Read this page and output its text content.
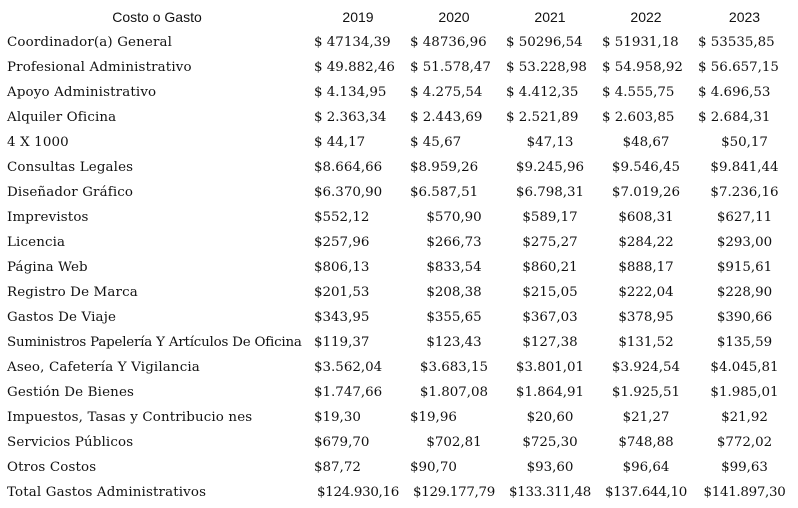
Costo o Gasto	2019	2020	2021	2022	2023
Coordinador(a) General	$ 47134,39	$ 48736,96	$ 50296,54	$ 51931,18	$ 53535,85
Profesional Administrativo	$ 49.882,46	$ 51.578,47	$ 53.228,98	$ 54.958,92	$ 56.657,15
Apoyo Administrativo	$ 4.134,95	$ 4.275,54	$ 4.412,35	$ 4.555,75	$ 4.696,53
Alquiler Oficina	$ 2.363,34	$ 2.443,69	$ 2.521,89	$ 2.603,85	$ 2.684,31
4 X 1000	$ 44,17	$ 45,67	$47,13	$48,67	$50,17
Consultas Legales	$8.664,66	$8.959,26	$9.245,96	$9.546,45	$9.841,44
Diseñador Gráfico	$6.370,90	$6.587,51	$6.798,31	$7.019,26	$7.236,16
Imprevistos	$552,12	$570,90	$589,17	$608,31	$627,11
Licencia	$257,96	$266,73	$275,27	$284,22	$293,00
Página Web	$806,13	$833,54	$860,21	$888,17	$915,61
Registro De Marca	$201,53	$208,38	$215,05	$222,04	$228,90
Gastos De Viaje	$343,95	$355,65	$367,03	$378,95	$390,66
Suministros Papelería Y Artículos De Oficina $119,37	$123,43	$127,38	$131,52	$135,59
Aseo, Cafetería Y Vigilancia	$3.562,04	$3.683,15	$3.801,01	$3.924,54	$4.045,81
Gestión De Bienes	$1.747,66	$1.807,08	$1.864,91	$1.925,51	$1.985,01
Impuestos, Tasas y Contribucio nes	$19,30	$19,96	$20,60	$21,27	$21,92
Servicios Públicos	$679,70	$702,81	$725,30	$748,88	$772,02
Otros Costos	$87,72	$90,70	$93,60	$96,64	$99,63
Total Gastos Administrativos	$124.930,16	$129.177,79	$133.311,48	$137.644,10	$141.897,30
